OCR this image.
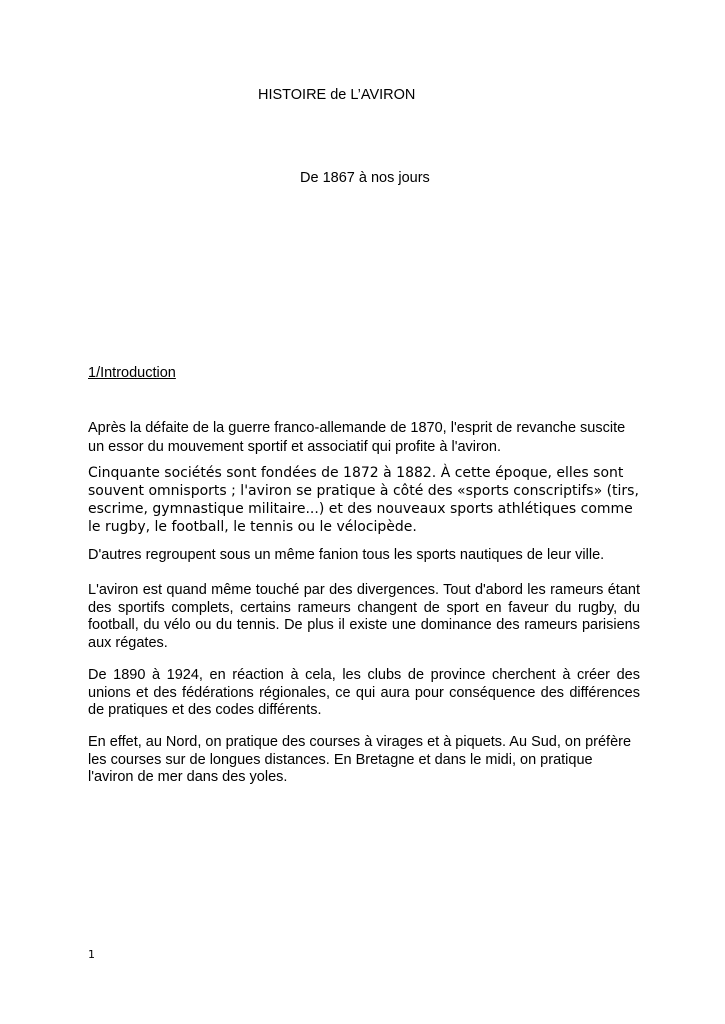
HISTOIRE de L’AVIRON
De 1867 à nos jours
1/Introduction

Après la défaite de la guerre franco-allemande de 1870, l'esprit de revanche suscite un essor du mouvement sportif et associatif qui profite à l'aviron.

Cinquante sociétés sont fondées de 1872 à 1882. À cette époque, elles sont souvent omnisports ; l'aviron se pratique à côté des «sports conscriptifs» (tirs, escrime, gymnastique militaire...) et des nouveaux sports athlétiques comme le rugby, le football, le tennis ou le vélocipède.

D'autres regroupent sous un même fanion tous les sports nautiques de leur ville.

L'aviron est quand même touché par des divergences. Tout d'abord les rameurs étant des sportifs complets, certains rameurs changent de sport en faveur du rugby, du football, du vélo ou du tennis. De plus il existe une dominance des rameurs parisiens aux régates.

De 1890 à 1924, en réaction à cela, les clubs de province cherchent à créer des unions et des fédérations régionales, ce qui aura pour conséquence des différences de pratiques et des codes différents.

En effet, au Nord, on pratique des courses à virages et à piquets. Au Sud, on préfère les courses sur de longues distances. En Bretagne et dans le midi, on pratique l'aviron de mer dans des yoles.

1
